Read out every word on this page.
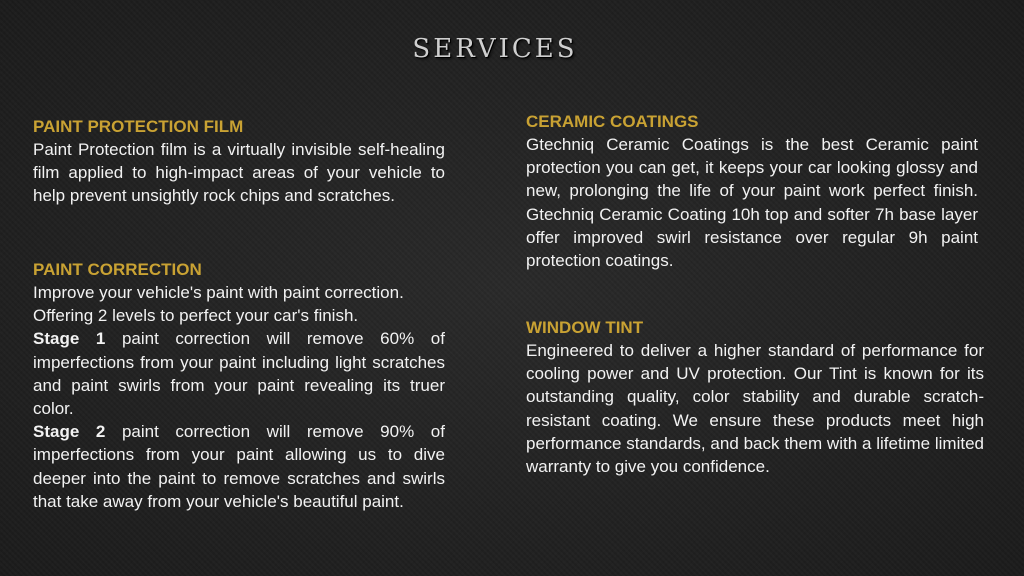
SERVICES
PAINT PROTECTION FILM

Paint Protection film is a virtually invisible self-healing film applied to high-impact areas of your vehicle to help prevent unsightly rock chips and scratches.

PAINT CORRECTION

Improve your vehicle's paint with paint correction.

Offering 2 levels to perfect your car's finish.

Stage 1 paint correction will remove 60% of imperfections from your paint including light scratches and paint swirls from your paint revealing its truer color.

Stage 2 paint correction will remove 90% of imperfections from your paint allowing us to dive deeper into the paint to remove scratches and swirls that take away from your vehicle's beautiful paint.

CERAMIC COATINGS

Gtechniq Ceramic Coatings is the best Ceramic paint protection you can get, it keeps your car looking glossy and new, prolonging the life of your paint work perfect finish. Gtechniq Ceramic Coating 10h top and softer 7h base layer offer improved swirl resistance over regular 9h paint protection coatings.

WINDOW TINT

Engineered to deliver a higher standard of performance for cooling power and UV protection. Our Tint is known for its outstanding quality, color stability and durable scratch-resistant coating. We ensure these products meet high performance standards, and back them with a lifetime limited warranty to give you confidence.
